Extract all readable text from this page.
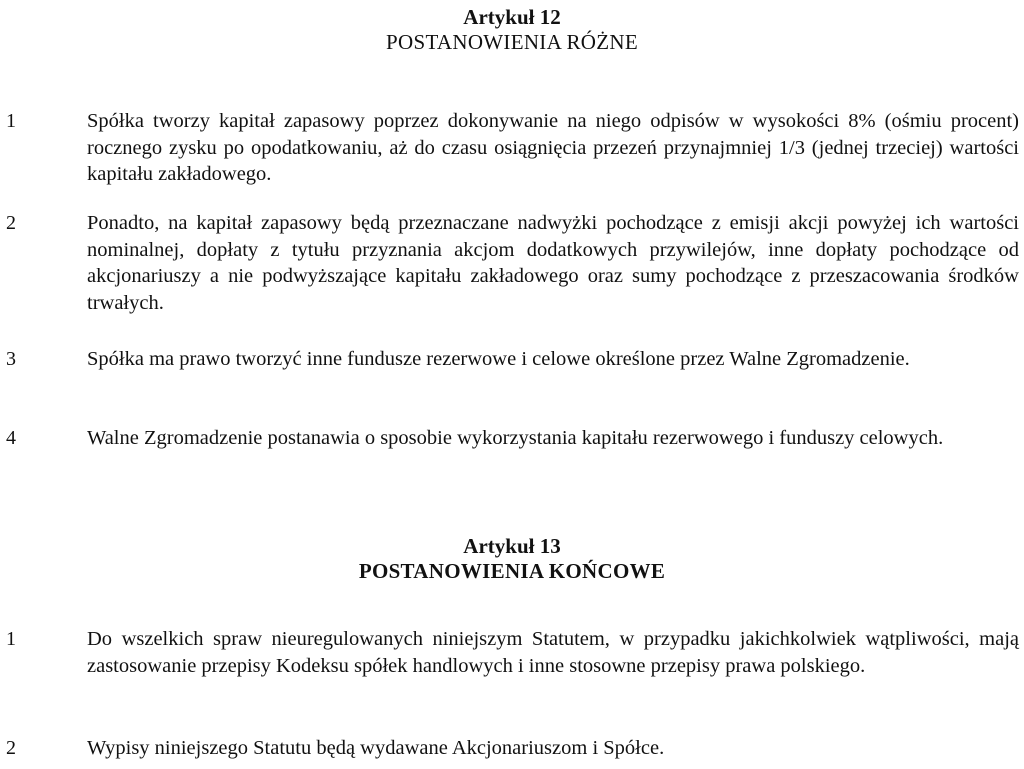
Artykuł 12
POSTANOWIENIA RÓŻNE
1	Spółka tworzy kapitał zapasowy poprzez dokonywanie na niego odpisów w wysokości 8% (ośmiu procent) rocznego zysku po opodatkowaniu, aż do czasu osiągnięcia przezeń przynajmniej 1/3 (jednej trzeciej) wartości kapitału zakładowego.
2	Ponadto, na kapitał zapasowy będą przeznaczane nadwyżki pochodzące z emisji akcji powyżej ich wartości nominalnej, dopłaty z tytułu przyznania akcjom dodatkowych przywilejów, inne dopłaty pochodzące od akcjonariuszy a nie podwyższające kapitału zakładowego oraz sumy pochodzące z przeszacowania środków trwałych.
3	Spółka ma prawo tworzyć inne fundusze rezerwowe i celowe określone przez Walne Zgromadzenie.
4	Walne Zgromadzenie postanawia o sposobie wykorzystania kapitału rezerwowego i funduszy celowych.
Artykuł 13
POSTANOWIENIA KOŃCOWE
1	Do wszelkich spraw nieuregulowanych niniejszym Statutem, w przypadku jakichkolwiek wątpliwości, mają zastosowanie przepisy Kodeksu spółek handlowych i inne stosowne przepisy prawa polskiego.
2	Wypisy niniejszego Statutu będą wydawane Akcjonariuszom i Spółce.
